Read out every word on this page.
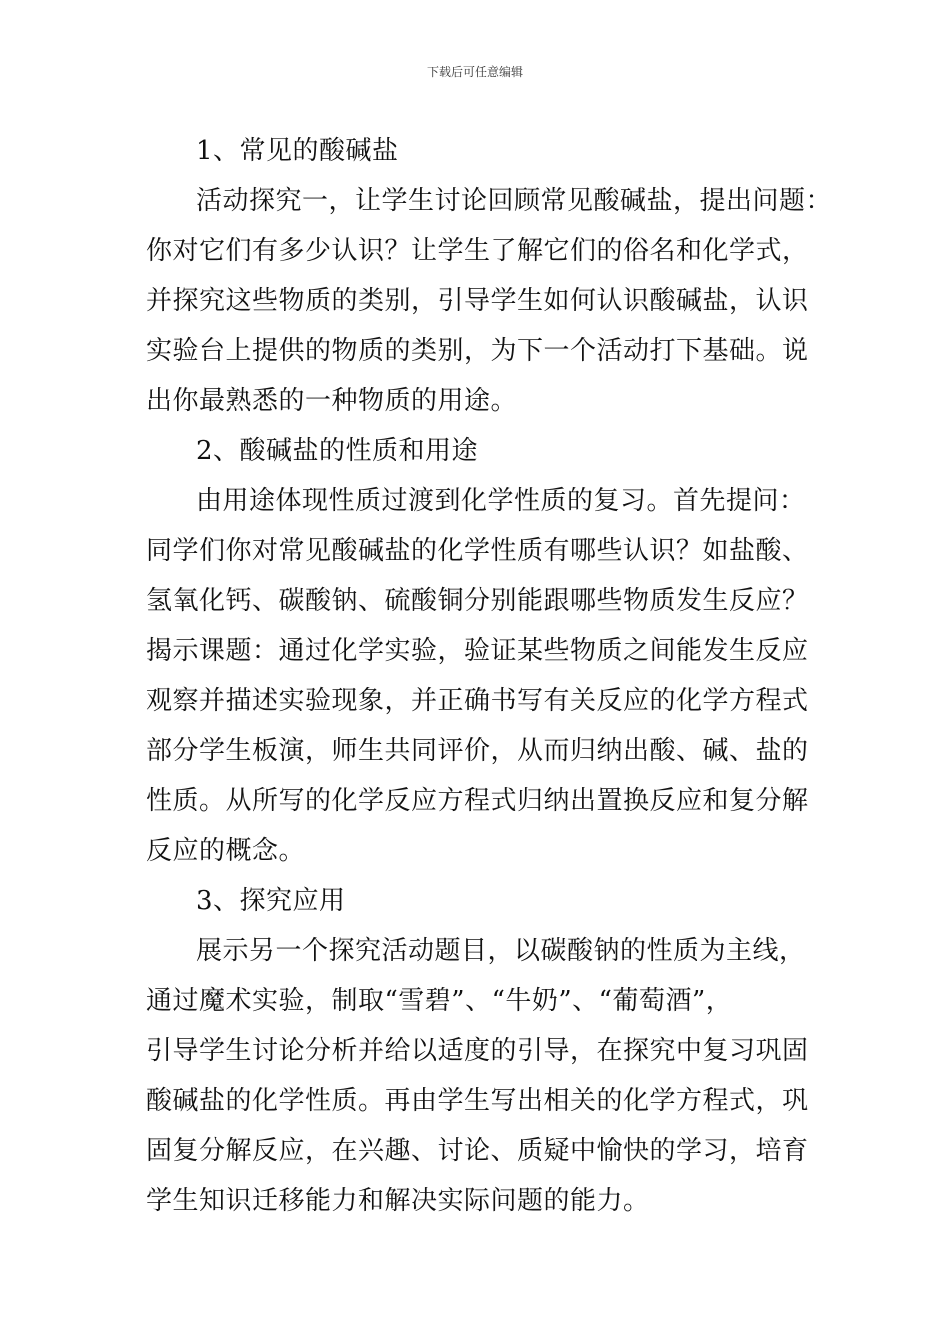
下载后可任意编辑
1、常见的酸碱盐
活动探究一，让学生讨论回顾常见酸碱盐，提出问题：
你对它们有多少认识？让学生了解它们的俗名和化学式，
并探究这些物质的类别，引导学生如何认识酸碱盐，认识
实验台上提供的物质的类别，为下一个活动打下基础。说
出你最熟悉的一种物质的用途。
2、酸碱盐的性质和用途
由用途体现性质过渡到化学性质的复习。首先提问：
同学们你对常见酸碱盐的化学性质有哪些认识？如盐酸、
氢氧化钙、碳酸钠、硫酸铜分别能跟哪些物质发生反应？
揭示课题：通过化学实验，验证某些物质之间能发生反应
观察并描述实验现象，并正确书写有关反应的化学方程式
部分学生板演，师生共同评价，从而归纳出酸、碱、盐的
性质。从所写的化学反应方程式归纳出置换反应和复分解
反应的概念。
3、探究应用
展示另一个探究活动题目，以碳酸钠的性质为主线，
通过魔术实验，制取“雪碧”、“牛奶”、“葡萄酒”，
引导学生讨论分析并给以适度的引导，在探究中复习巩固
酸碱盐的化学性质。再由学生写出相关的化学方程式，巩
固复分解反应，在兴趣、讨论、质疑中愉快的学习，培育
学生知识迁移能力和解决实际问题的能力。
